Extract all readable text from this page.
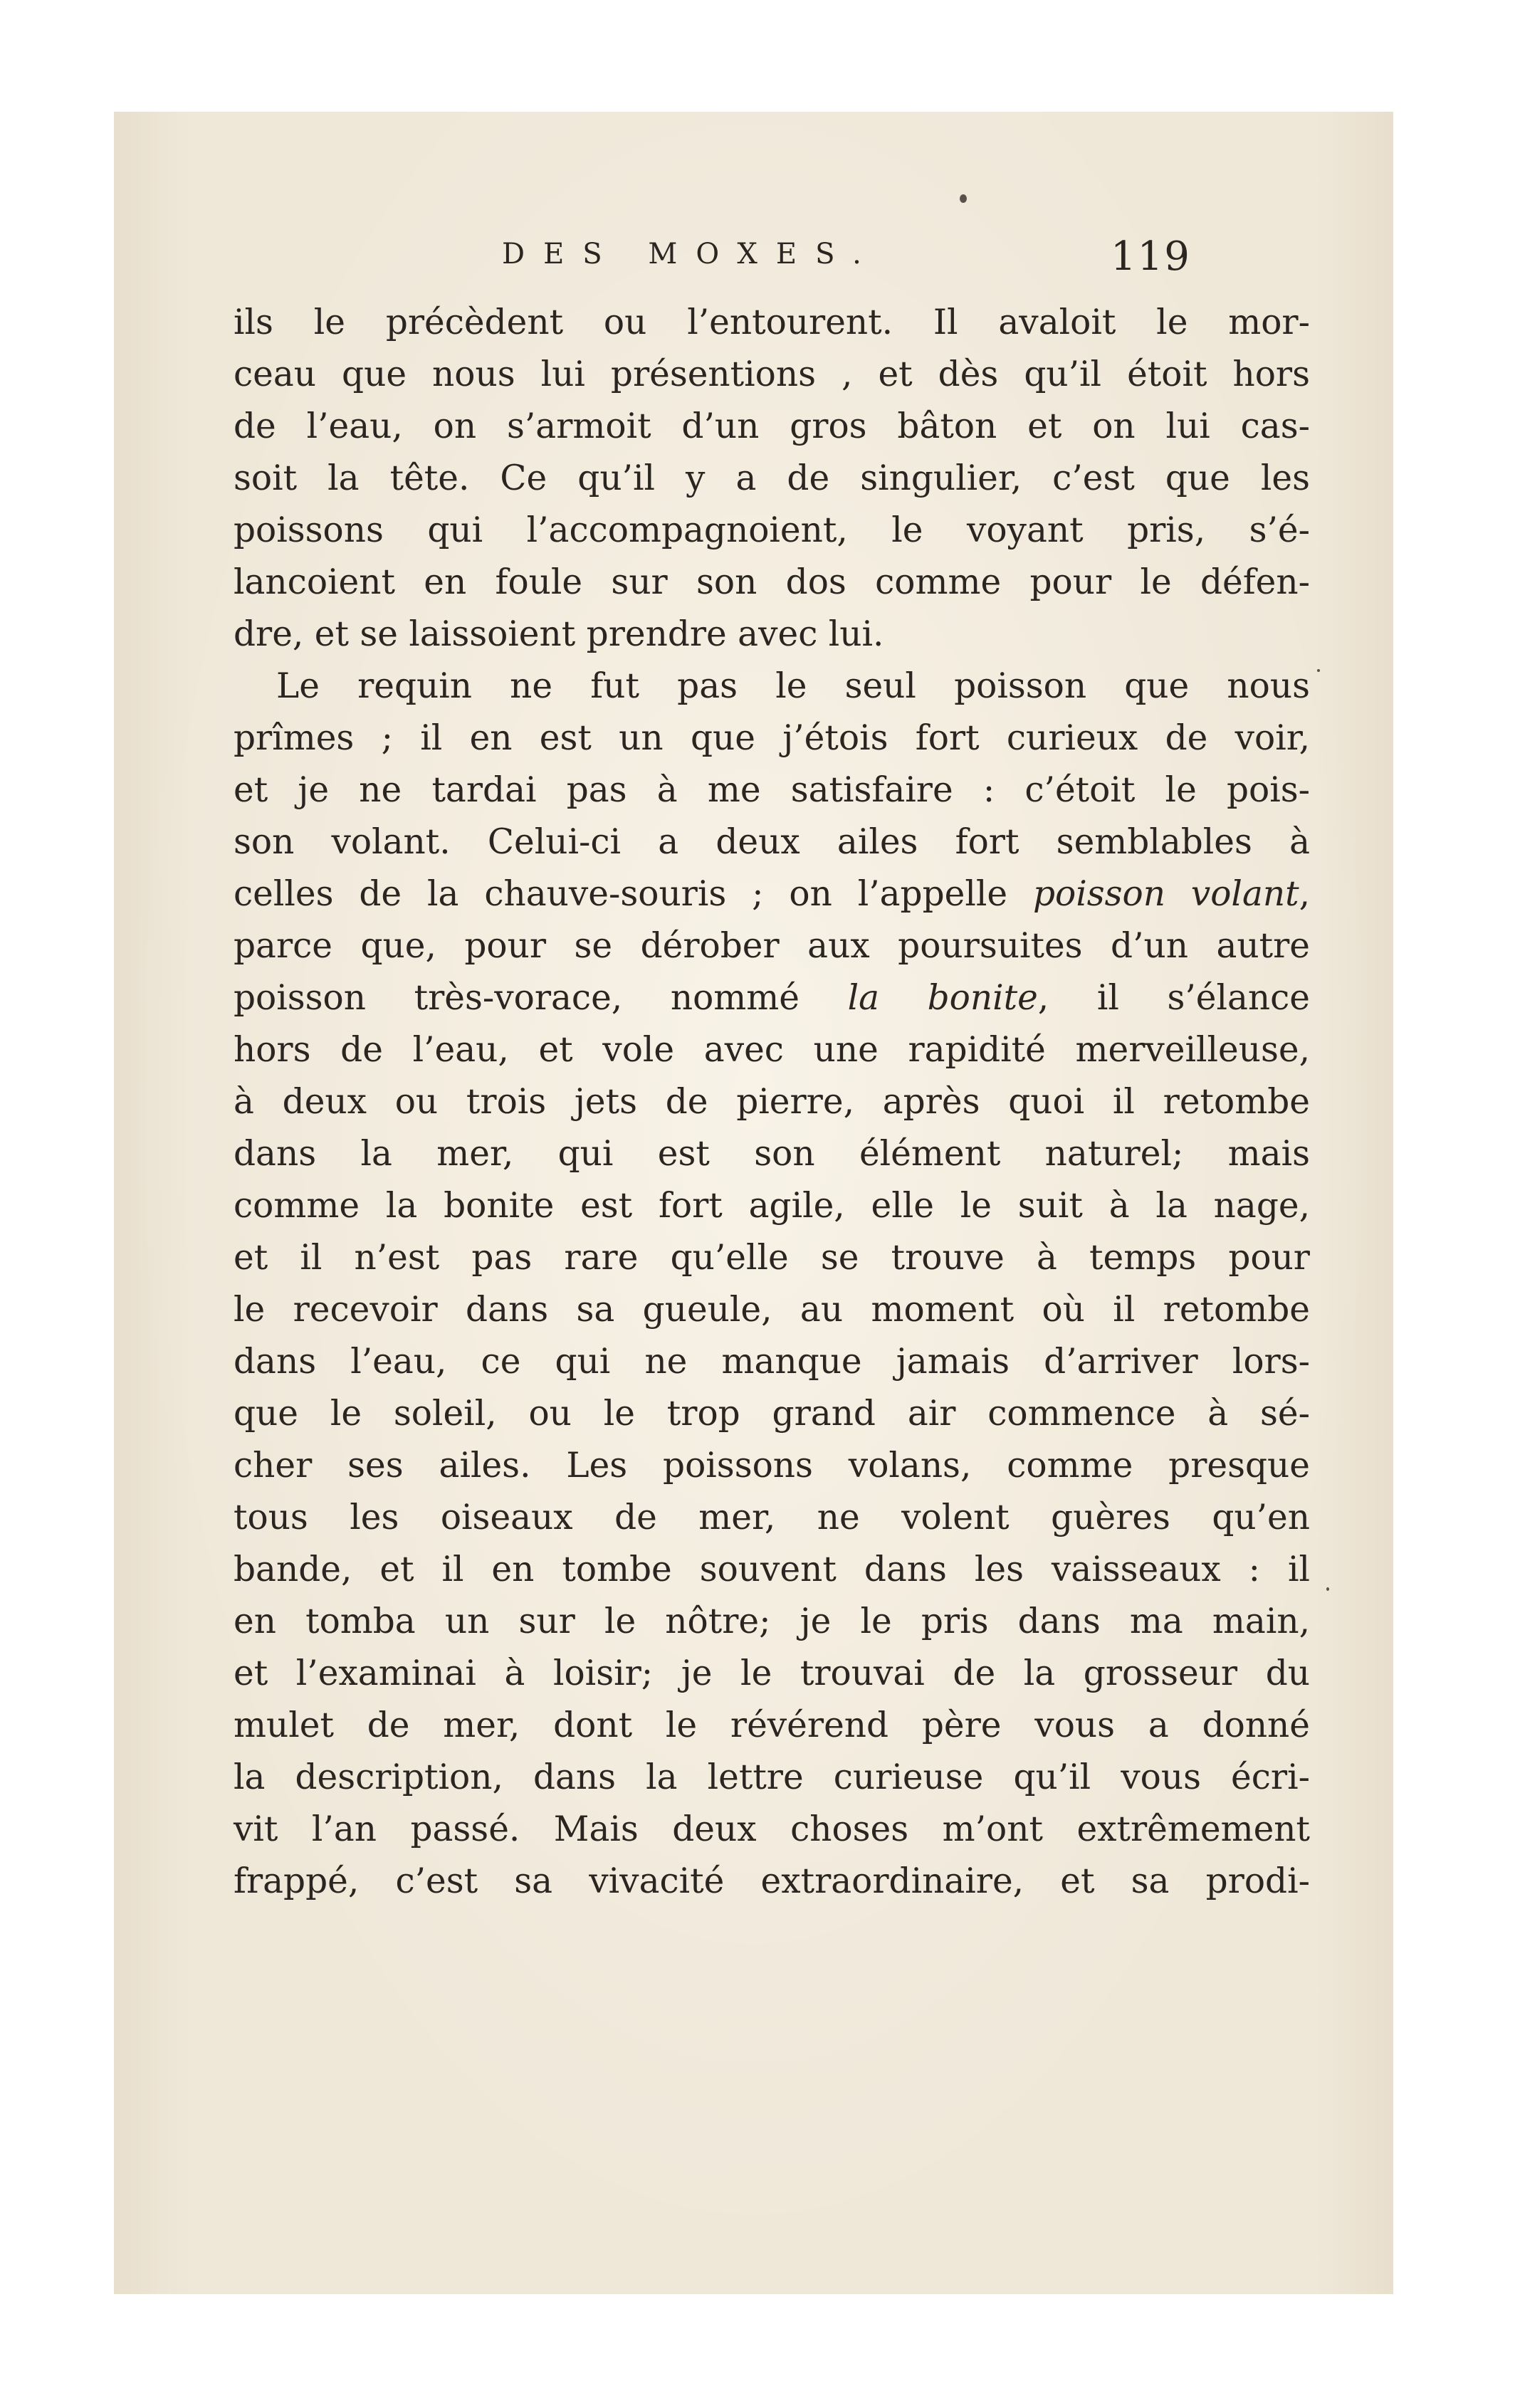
DES MOXES.	119
ils le précèdent ou l’entourent. Il avaloit le mor-
ceau que nous lui présentions , et dès qu’il étoit hors
de l’eau, on s’armoit d’un gros bâton et on lui cas-
soit la tête. Ce qu’il y a de singulier, c’est que les
poissons qui l’accompagnoient, le voyant pris, s’é-
lancoient en foule sur son dos comme pour le défen-
dre, et se laissoient prendre avec lui.
Le requin ne fut pas le seul poisson que nous
prîmes ; il en est un que j’étois fort curieux de voir,
et je ne tardai pas à me satisfaire : c’étoit le pois-
son volant. Celui-ci a deux ailes fort semblables à
celles de la chauve-souris ; on l’appelle poisson volant,
parce que, pour se dérober aux poursuites d’un autre
poisson très-vorace, nommé la bonite, il s’élance
hors de l’eau, et vole avec une rapidité merveilleuse,
à deux ou trois jets de pierre, après quoi il retombe
dans la mer, qui est son élément naturel; mais
comme la bonite est fort agile, elle le suit à la nage,
et il n’est pas rare qu’elle se trouve à temps pour
le recevoir dans sa gueule, au moment où il retombe
dans l’eau, ce qui ne manque jamais d’arriver lors-
que le soleil, ou le trop grand air commence à sé-
cher ses ailes. Les poissons volans, comme presque
tous les oiseaux de mer, ne volent guères qu’en
bande, et il en tombe souvent dans les vaisseaux : il
en tomba un sur le nôtre; je le pris dans ma main,
et l’examinai à loisir; je le trouvai de la grosseur du
mulet de mer, dont le révérend père vous a donné
la description, dans la lettre curieuse qu’il vous écri-
vit l’an passé. Mais deux choses m’ont extrêmement
frappé, c’est sa vivacité extraordinaire, et sa prodi-
